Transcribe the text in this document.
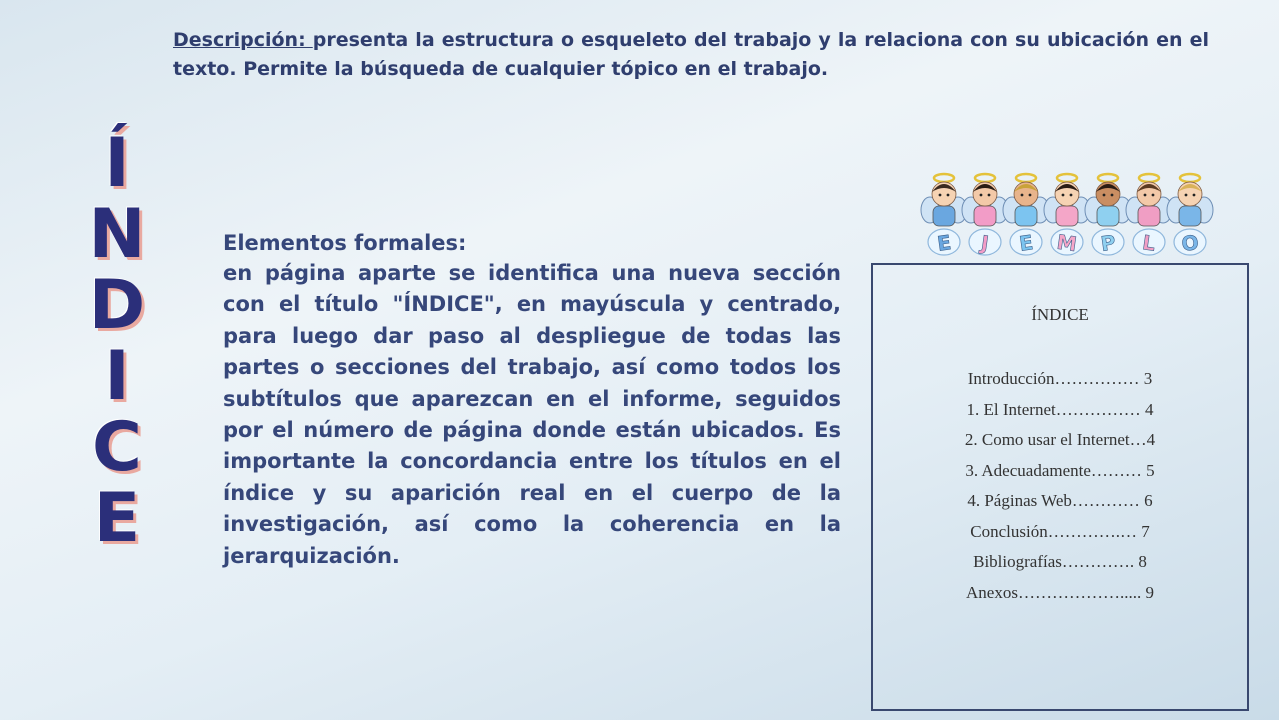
Descripción: presenta la estructura o esqueleto del trabajo y la relaciona con su ubicación en el texto. Permite la búsqueda de cualquier tópico en el trabajo.

Í
N
D
I
C
E

Elementos formales:

en página aparte se identifica una nueva sección con el título "ÍNDICE", en mayúscula y centrado, para luego dar paso al despliegue de todas las partes o secciones del trabajo, así como todos los subtítulos que aparezcan en el informe, seguidos por el número de página donde están ubicados. Es importante la concordancia entre los títulos en el índice y su aparición real en el cuerpo de la investigación, así como la coherencia en la jerarquización.

E J E M P L O
ÍNDICE
Introducción…………… 3
1. El Internet…………… 4
2. Como usar el Internet…4
3. Adecuadamente……… 5
4. Páginas Web………… 6
Conclusión………….… 7
Bibliografías…………. 8
Anexos………………..... 9
